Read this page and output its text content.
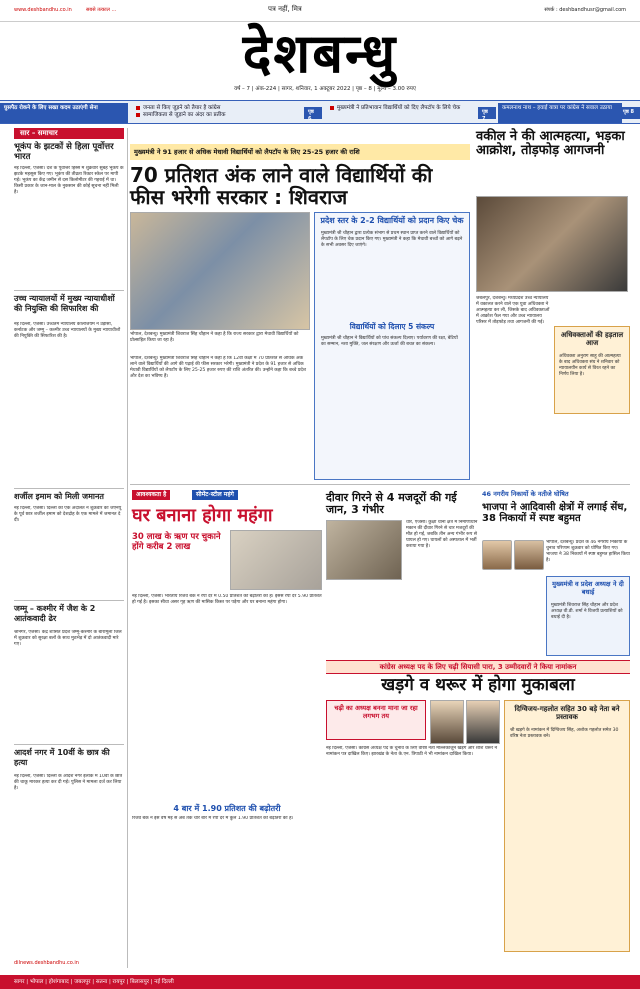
www.deshbandhu.co.in	सबसे तत्काल ...	पत्र नहीं, मित्र	संपर्क : deshbandhusr@gmail.com
देशबन्धु
वर्ष – 7 | अंक-224 | सागर, शनिवार, 1 अक्टूबर 2022 | पृष्ठ – 8 | मूल्य – 3.00 रुपए
घुसपैठ रोकने के लिए सख्त कदम उठाएंगी सेना	जनता से किए जुड़ने को तैयार है कांग्रेस
सामाजिकता से जुड़ाने का अंदर का प्रतीक
पृष्ठ 6
मुख्यमंत्री ने प्रतिभावान विद्यार्थियों को दिए लैपटॉप के लिये चेक
पृष्ठ 7
कमलनाथ नाथ – हवाई यात्रा पर कांग्रेस ने सवाल उठाया
पृष्ठ 8
सार – समाचार
भूकंप के झटकों से हिला पूर्वोत्तर भारत
नई दिल्ली, एजेंसी। देश के पूर्वोत्तर हिस्से में शुक्रवार सुबह भूकंप के झटके महसूस किए गए। भूकंप की तीव्रता रिक्टर स्केल पर मापी गई। भूकंप का केंद्र जमीन से दस किलोमीटर की गहराई में था। किसी प्रकार के जान-माल के नुकसान की कोई सूचना नहीं मिली है।
उच्च न्यायालयों में मुख्य न्यायाधीशों की नियुक्ति की सिफारिश की
नई दिल्ली, एजेंसी। उच्चतम न्यायालय कॉलेजियम ने उड़ीसा, कर्नाटक और जम्मू – कश्मीर उच्च न्यायालयों के मुख्य न्यायाधीशों की नियुक्ति की सिफारिश की है।
शर्जील इमाम को मिली जमानत
नई दिल्ली, एजेंसी। दिल्ली की एक अदालत ने शुक्रवार को जेएनयू के पूर्व छात्र शर्जील इमाम को देशद्रोह के एक मामले में जमानत दे दी।
जम्मू – कश्मीर में जैश के 2 आतंकवादी ढेर
श्रीनगर, एजेंसी। केंद्र शासित प्रदेश जम्मू-कश्मीर के बारामूला जिले में शुक्रवार को सुरक्षा बलों के साथ मुठभेड़ में दो आतंकवादी मारे गए।
आदर्श नगर में 10वीं के छात्र की हत्या
नई दिल्ली, एजेंसी। दिल्ली के आदर्श नगर इलाके में 10वीं के छात्र की चाकू मारकर हत्या कर दी गई। पुलिस ने मामला दर्ज कर लिया है।
dilnews.deshbandhu.co.in
मुख्यमंत्री ने 91 हजार से अधिक मेधावी विद्यार्थियों को लैपटॉप के लिए 25-25 हजार की राशि
70 प्रतिशत अंक लाने वाले विद्यार्थियों की फीस भरेगी सरकार : शिवराज
भोपाल, देशबन्धु। मुख्यमंत्री शिवराज सिंह चौहान ने कहा है कि राज्य सरकार द्वारा मेधावी विद्यार्थियों को प्रोत्साहित किया जा रहा है।
भोपाल, देशबन्धु। मुख्यमंत्री शिवराज सिंह चौहान ने कहा है कि 12वीं कक्षा में 70 प्रतिशत से अधिक अंक लाने वाले विद्यार्थियों की आगे की पढ़ाई की फीस सरकार भरेगी। मुख्यमंत्री ने प्रदेश के 91 हजार से अधिक मेधावी विद्यार्थियों को लैपटॉप के लिए 25-25 हजार रुपए की राशि अंतरित की। उन्होंने कहा कि बच्चे प्रदेश और देश का भविष्य हैं।
प्रदेश स्तर के 2-2 विद्यार्थियों को प्रदान किए चेक
मुख्यमंत्री श्री चौहान द्वारा प्रत्येक संभाग से प्रथम स्थान प्राप्त करने वाले विद्यार्थियों को लैपटॉप के लिए चेक प्रदान किए गए। मुख्यमंत्री ने कहा कि मेधावी बच्चों को आगे बढ़ने के सभी अवसर दिए जाएंगे।
विद्यार्थियों को दिलाए 5 संकल्प
मुख्यमंत्री श्री चौहान ने विद्यार्थियों को पांच संकल्प दिलाए। पर्यावरण की रक्षा, बेटियों का सम्मान, नशा मुक्ति, जल संरक्षण और ऊर्जा की बचत का संकल्प।
वकील ने की आत्महत्या, भड़का आक्रोश, तोड़फोड़ आगजनी
जबलपुर, देशबन्धु। मध्यप्रदेश उच्च न्यायालय में वकालत करने वाले एक युवा अधिवक्ता ने आत्महत्या कर ली, जिसके बाद अधिवक्ताओं में आक्रोश फैल गया और उच्च न्यायालय परिसर में तोड़फोड़ तथा आगजनी की गई।
अधिवक्ताओं की हड़ताल आज
अधिवक्ता अनुराग साहू की आत्महत्या के बाद अधिवक्ता संघ ने शनिवार को न्यायालयीन कार्य से विरत रहने का निर्णय लिया है।
आवश्यकता है	सीमेंट-स्टील महंगे
घर बनाना होगा महंगा
30 लाख के ऋण पर चुकाने होंगे करीब 2 लाख
नई दिल्ली, एजेंसी। भारतीय रिजर्व बैंक ने रेपो दर में 0.50 प्रतिशत की बढ़ोतरी की है। इससे रेपो दर 5.90 प्रतिशत हो गई है। इसका सीधा असर गृह ऋण की मासिक किस्त पर पड़ेगा और घर बनाना महंगा होगा।
4 बार में 1.90 प्रतिशत की बढ़ोतरी
रिजर्व बैंक ने इस वर्ष मई से अब तक चार बार में रेपो दर में कुल 1.90 प्रतिशत की बढ़ोतरी की है।
दीवार गिरने से 4 मजदूरों की गई जान, 3 गंभीर
धार, एजेंसी। कुक्षी थाना क्षेत्र में निर्माणाधीन मकान की दीवार गिरने से चार मजदूरों की मौत हो गई, जबकि तीन अन्य गंभीर रूप से घायल हो गए। घायलों को अस्पताल में भर्ती कराया गया है।
46 नगरीय निकायों के नतीजे घोषित
भाजपा ने आदिवासी क्षेत्रों में लगाई सेंध, 38 निकायों में स्पष्ट बहुमत
भोपाल, देशबन्धु। प्रदेश के 46 नगरीय निकायों के चुनाव परिणाम शुक्रवार को घोषित किए गए। भाजपा ने 38 निकायों में स्पष्ट बहुमत हासिल किया है।
मुख्यमंत्री व प्रदेश अध्यक्ष ने दी बधाई
मुख्यमंत्री शिवराज सिंह चौहान और प्रदेश अध्यक्ष वी.डी. शर्मा ने विजयी प्रत्याशियों को बधाई दी है।
कांग्रेस अध्यक्ष पद के लिए चढ़ी सियासी पारा, 3 उम्मीदवारों ने किया नामांकन
खड़गे व थरूर में होगा मुकाबला
चढ़ी का अध्यक्ष बनना माना जा रहा लगभग तय
नई दिल्ली, एजेंसी। कांग्रेस अध्यक्ष पद के चुनाव के लिए वरिष्ठ नेता मल्लिकार्जुन खड़गे और शशि थरूर ने नामांकन पत्र दाखिल किए। झारखंड के नेता के.एन. त्रिपाठी ने भी नामांकन दाखिल किया।
दिग्विजय-गहलोत सहित 30 बड़े नेता बने प्रस्तावक
श्री खड़गे के नामांकन में दिग्विजय सिंह, अशोक गहलोत समेत 30 वरिष्ठ नेता प्रस्तावक बने।
सागर | भोपाल | होशंगाबाद | जबलपुर | सतना | रायपुर | बिलासपुर | नई दिल्ली
